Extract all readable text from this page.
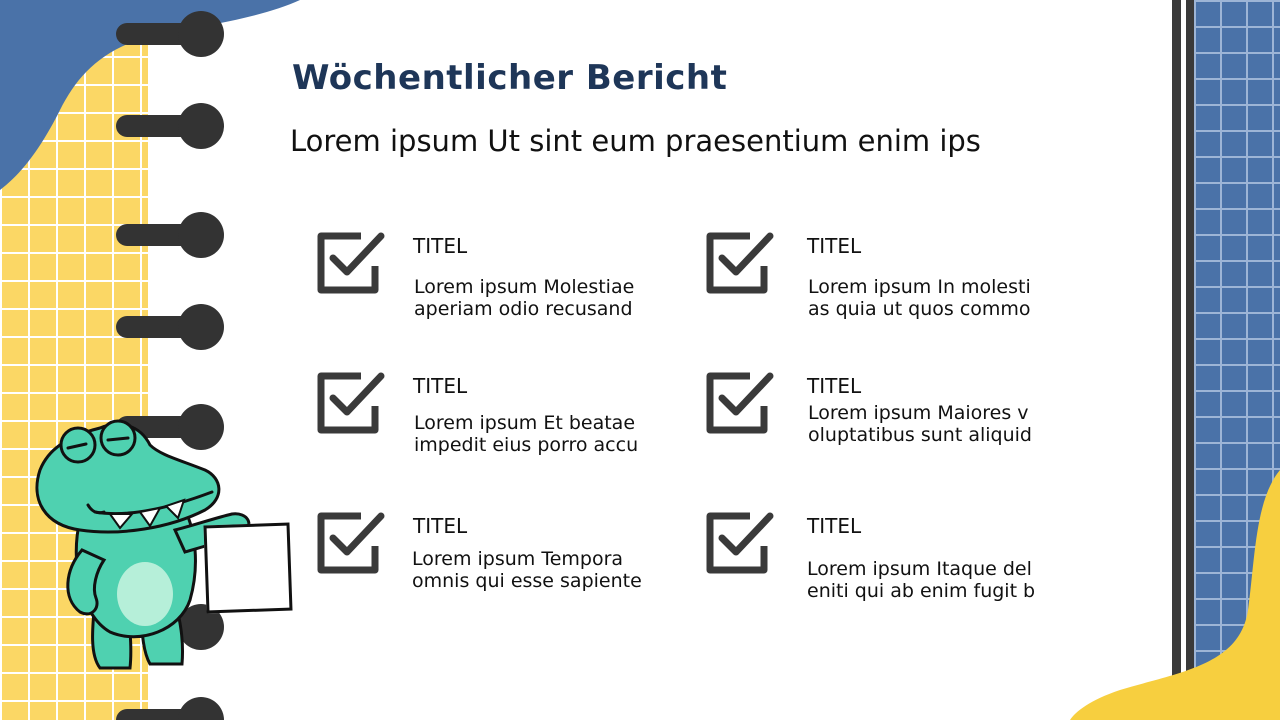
Wöchentlicher Bericht
Lorem ipsum Ut sint eum praesentium enim ips
TITEL
Lorem ipsum Molestiae
aperiam odio recusand
TITEL
Lorem ipsum In molesti
as quia ut quos commo
TITEL
Lorem ipsum Et beatae
impedit eius porro accu
TITEL
Lorem ipsum Maiores v
oluptatibus sunt aliquid
TITEL
Lorem ipsum Tempora
omnis qui esse sapiente
TITEL
Lorem ipsum Itaque del
eniti qui ab enim fugit b
